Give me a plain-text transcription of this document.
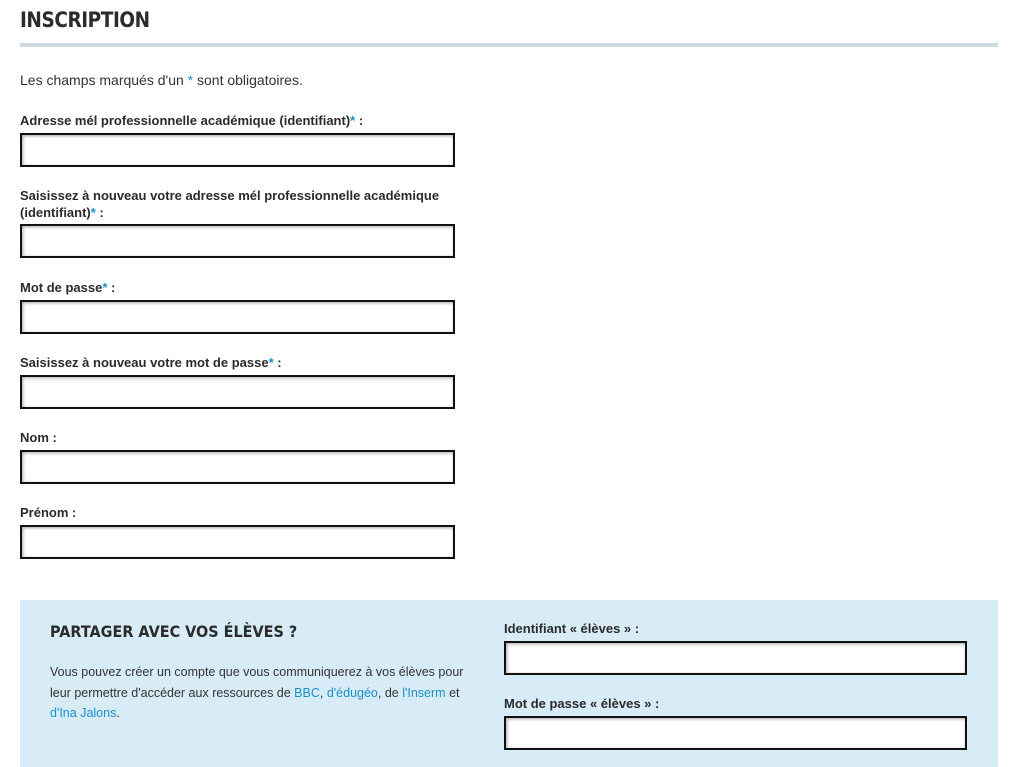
INSCRIPTION
Les champs marqués d'un * sont obligatoires.
Adresse mél professionnelle académique (identifiant)* :
Saisissez à nouveau votre adresse mél professionnelle académique (identifiant)* :
Mot de passe* :
Saisissez à nouveau votre mot de passe* :
Nom :
Prénom :
PARTAGER AVEC VOS ÉLÈVES ?

Vous pouvez créer un compte que vous communiquerez à vos élèves pour leur permettre d'accéder aux ressources de BBC, d'édugéo, de l'Inserm et d'Ina Jalons.

Identifiant « élèves » :
Mot de passe « élèves » :
